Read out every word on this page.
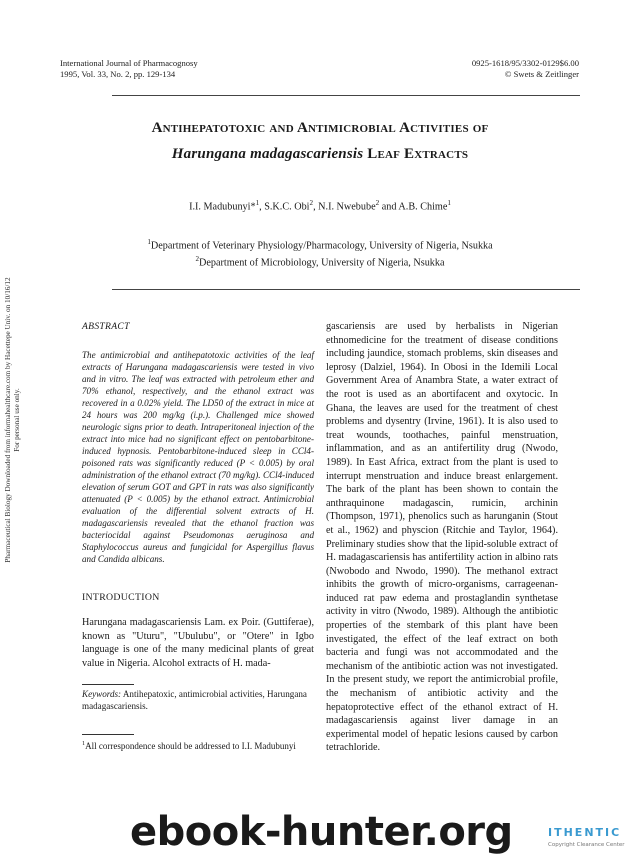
Pharmaceutical Biology Downloaded from informahealthcare.com by Hacettepe Univ. on 10/16/12 For personal use only.
International Journal of Pharmacognosy
1995, Vol. 33, No. 2, pp. 129-134
0925-1618/95/3302-0129$6.00
© Swets & Zeitlinger
Antihepatotoxic and Antimicrobial Activities of
Harungana madagascariensis Leaf Extracts
I.I. Madubunyi*$^1$, S.K.C. Obi$^2$, N.I. Nwebube$^2$ and A.B. Chime$^1$
$^1$Department of Veterinary Physiology/Pharmacology, University of Nigeria, Nsukka
$^2$Department of Microbiology, University of Nigeria, Nsukka
ABSTRACT
The antimicrobial and antihepatotoxic activities of the leaf extracts of Harungana madagascariensis were tested in vivo and in vitro. The leaf was extracted with petroleum ether and 70% ethanol, respectively, and the ethanol extract was recovered in a 0.02% yield. The LD50 of the extract in mice at 24 hours was 200 mg/kg (i.p.). Challenged mice showed neurologic signs prior to death. Intraperitoneal injection of the extract into mice had no significant effect on pentobarbitone-induced hypnosis. Pentobarbitone-induced sleep in CCl4-poisoned rats was significantly reduced (P < 0.005) by oral administration of the ethanol extract (70 mg/kg). CCl4-induced elevation of serum GOT and GPT in rats was also significantly attenuated (P < 0.005) by the ethanol extract. Antimicrobial evaluation of the differential solvent extracts of H. madagascariensis revealed that the ethanol fraction was bacteriocidal against Pseudomonas aeruginosa and Staphylococcus aureus and fungicidal for Aspergillus flavus and Candida albicans.
INTRODUCTION
Harungana madagascariensis Lam. ex Poir. (Guttiferae), known as "Uturu", "Ubulubu", or "Otere" in Igbo language is one of the many medicinal plants of great value in Nigeria. Alcohol extracts of H. mada-
Keywords: Antihepatoxic, antimicrobial activities, Harungana madagascariensis.
$^1$All correspondence should be addressed to I.I. Madubunyi
gascariensis are used by herbalists in Nigerian ethnomedicine for the treatment of disease conditions including jaundice, stomach problems, skin diseases and leprosy (Dalziel, 1964). In Obosi in the Idemili Local Government Area of Anambra State, a water extract of the root is used as an abortifacent and oxytocic. In Ghana, the leaves are used for the treatment of chest problems and dysentry (Irvine, 1961). It is also used to treat wounds, toothaches, painful menstruation, inflammation, and as an antifertility drug (Nwodo, 1989). In East Africa, extract from the plant is used to interrupt menstruation and induce breast enlargement. The bark of the plant has been shown to contain the anthraquinone madagascin, rumicin, archinin (Thompson, 1971), phenolics such as harunganin (Stout et al., 1962) and physcion (Ritchie and Taylor, 1964). Preliminary studies show that the lipid-soluble extract of H. madagascariensis has antifertility action in albino rats (Nwobodo and Nwodo, 1990). The methanol extract inhibits the growth of micro-organisms, carrageenan-induced rat paw edema and prostaglandin synthetase activity in vitro (Nwodo, 1989). Although the antibiotic properties of the stembark of this plant have been investigated, the effect of the leaf extract on both bacteria and fungi was not accommodated and the mechanism of the antibiotic action was not investigated. In the present study, we report the antimicrobial profile, the mechanism of antibiotic activity and the hepatoprotective effect of the ethanol extract of H. madagascariensis against liver damage in an experimental model of hepatic lesions caused by carbon tetrachloride.
ebook-hunter.org	ITHENTIC
Copyright Clearance Center
